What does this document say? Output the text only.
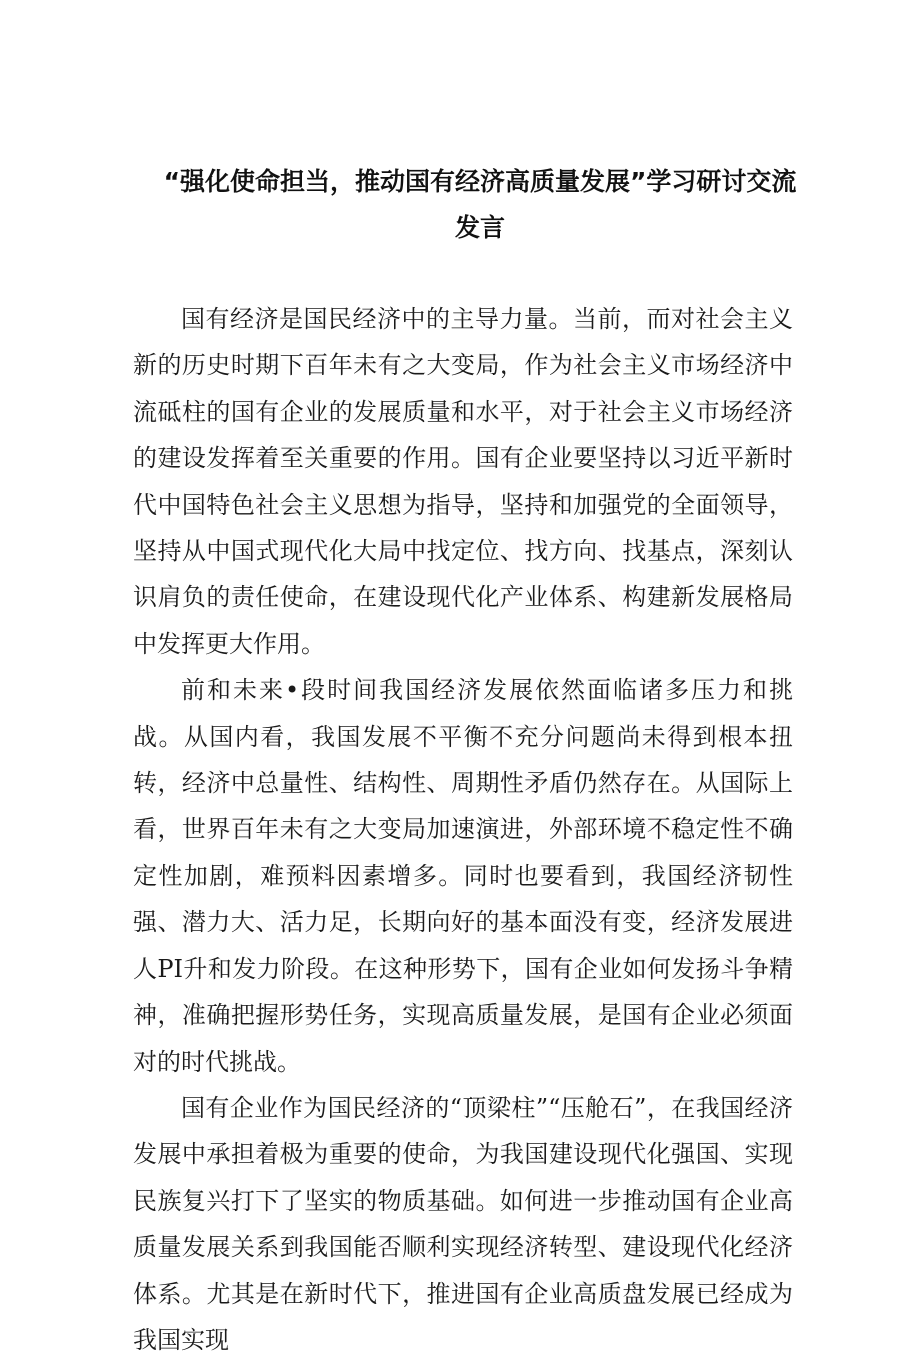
“强化使命担当，推动国有经济高质量发展”学习研讨交流
发言

国有经济是国民经济中的主导力量。当前，而对社会主义新的历史时期下百年未有之大变局，作为社会主义市场经济中流砥柱的国有企业的发展质量和水平，对于社会主义市场经济的建设发挥着至关重要的作用。国有企业要坚持以习近平新时代中国特色社会主义思想为指导，坚持和加强党的全面领导，坚持从中国式现代化大局中找定位、找方向、找基点，深刻认识肩负的责任使命，在建设现代化产业体系、构建新发展格局中发挥更大作用。

前和未来•段时间我国经济发展依然面临诸多压力和挑战。从国内看，我国发展不平衡不充分问题尚未得到根本扭转，经济中总量性、结构性、周期性矛盾仍然存在。从国际上看，世界百年未有之大变局加速演进，外部环境不稳定性不确定性加剧，难预料因素增多。同时也要看到，我国经济韧性强、潜力大、活力足，长期向好的基本面没有变，经济发展进人PI升和发力阶段。在这种形势下，国有企业如何发扬斗争精神，准确把握形势任务，实现高质量发展，是国有企业必须面对的时代挑战。

国有企业作为国民经济的“顶梁柱”“压舱石”，在我国经济发展中承担着极为重要的使命，为我国建设现代化强国、实现民族复兴打下了坚实的物质基础。如何进一步推动国有企业高质量发展关系到我国能否顺利实现经济转型、建设现代化经济体系。尤其是在新时代下，推进国有企业高质盘发展已经成为我国实现
